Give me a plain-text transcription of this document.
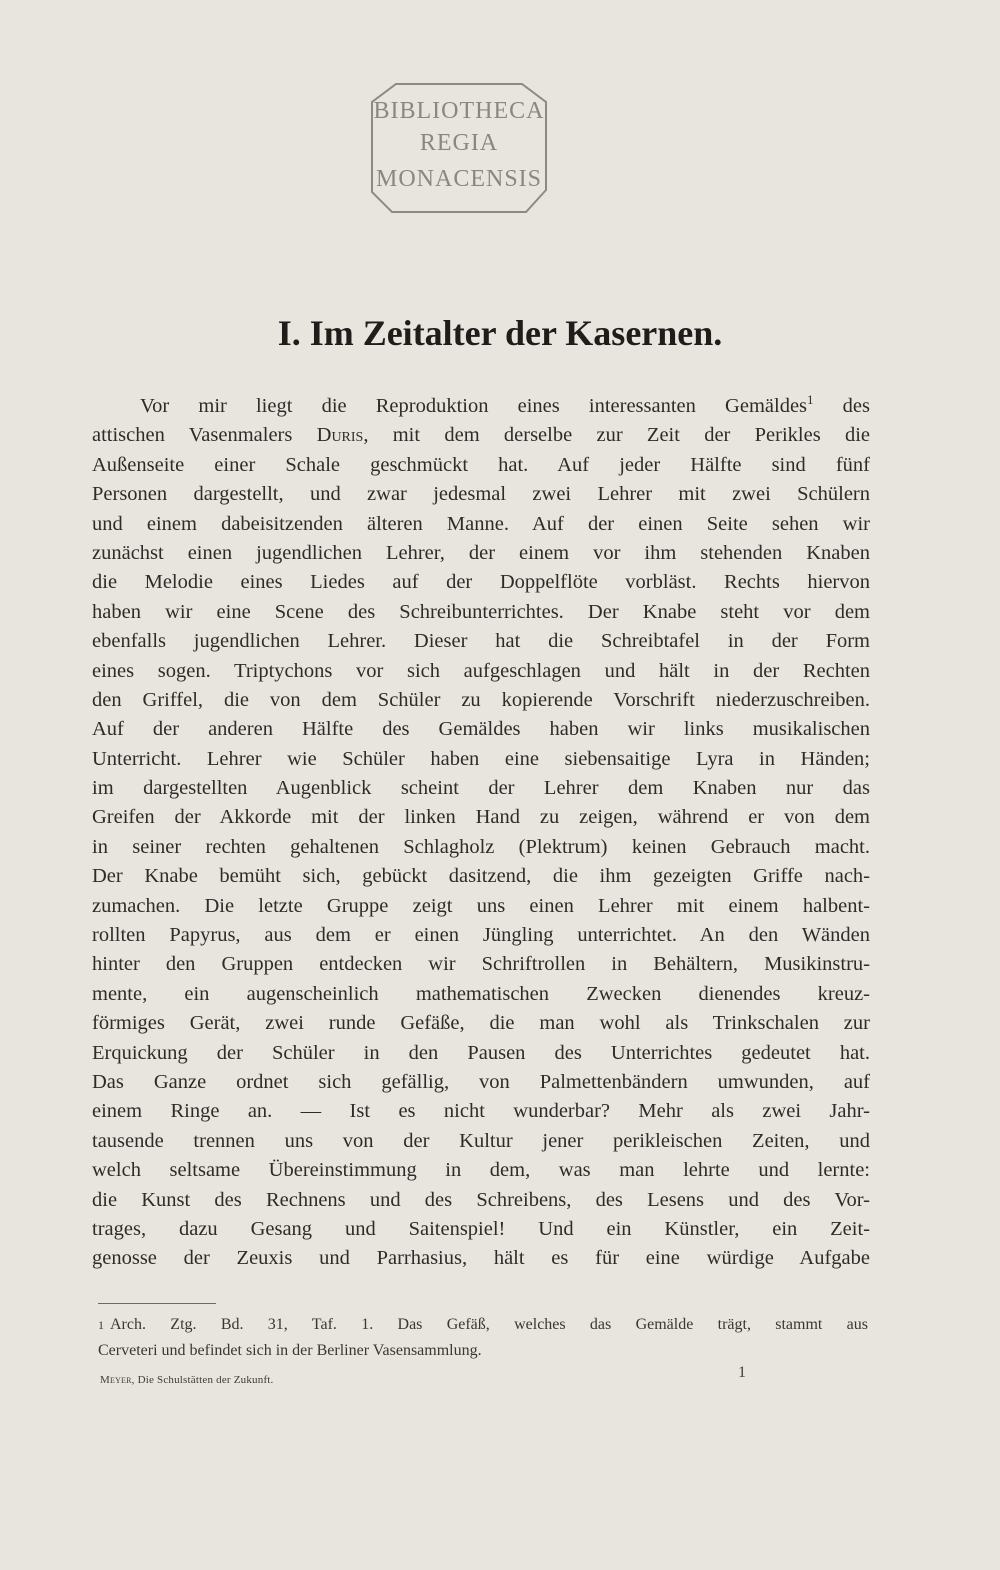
BIBLIOTHECA
REGIA
MONACENSIS
I. Im Zeitalter der Kasernen.
Vor mir liegt die Reproduktion eines interessanten Gemäldes$^1$ des
attischen Vasenmalers Duris, mit dem derselbe zur Zeit der Perikles die
Außenseite einer Schale geschmückt hat. Auf jeder Hälfte sind fünf
Personen dargestellt, und zwar jedesmal zwei Lehrer mit zwei Schülern
und einem dabeisitzenden älteren Manne. Auf der einen Seite sehen wir
zunächst einen jugendlichen Lehrer, der einem vor ihm stehenden Knaben
die Melodie eines Liedes auf der Doppelflöte vorbläst. Rechts hiervon
haben wir eine Scene des Schreibunterrichtes. Der Knabe steht vor dem
ebenfalls jugendlichen Lehrer. Dieser hat die Schreibtafel in der Form
eines sogen. Triptychons vor sich aufgeschlagen und hält in der Rechten
den Griffel, die von dem Schüler zu kopierende Vorschrift niederzuschreiben.
Auf der anderen Hälfte des Gemäldes haben wir links musikalischen
Unterricht. Lehrer wie Schüler haben eine siebensaitige Lyra in Händen;
im dargestellten Augenblick scheint der Lehrer dem Knaben nur das
Greifen der Akkorde mit der linken Hand zu zeigen, während er von dem
in seiner rechten gehaltenen Schlagholz (Plektrum) keinen Gebrauch macht.
Der Knabe bemüht sich, gebückt dasitzend, die ihm gezeigten Griffe nach-
zumachen. Die letzte Gruppe zeigt uns einen Lehrer mit einem halbent-
rollten Papyrus, aus dem er einen Jüngling unterrichtet. An den Wänden
hinter den Gruppen entdecken wir Schriftrollen in Behältern, Musikinstru-
mente, ein augenscheinlich mathematischen Zwecken dienendes kreuz-
förmiges Gerät, zwei runde Gefäße, die man wohl als Trinkschalen zur
Erquickung der Schüler in den Pausen des Unterrichtes gedeutet hat.
Das Ganze ordnet sich gefällig, von Palmettenbändern umwunden, auf
einem Ringe an. — Ist es nicht wunderbar? Mehr als zwei Jahr-
tausende trennen uns von der Kultur jener perikleischen Zeiten, und
welch seltsame Übereinstimmung in dem, was man lehrte und lernte:
die Kunst des Rechnens und des Schreibens, des Lesens und des Vor-
trages, dazu Gesang und Saitenspiel! Und ein Künstler, ein Zeit-
genosse der Zeuxis und Parrhasius, hält es für eine würdige Aufgabe
1 Arch. Ztg. Bd. 31, Taf. 1. Das Gefäß, welches das Gemälde trägt, stammt aus
Cerveteri und befindet sich in der Berliner Vasensammlung.
Meyer, Die Schulstätten der Zukunft.	1
